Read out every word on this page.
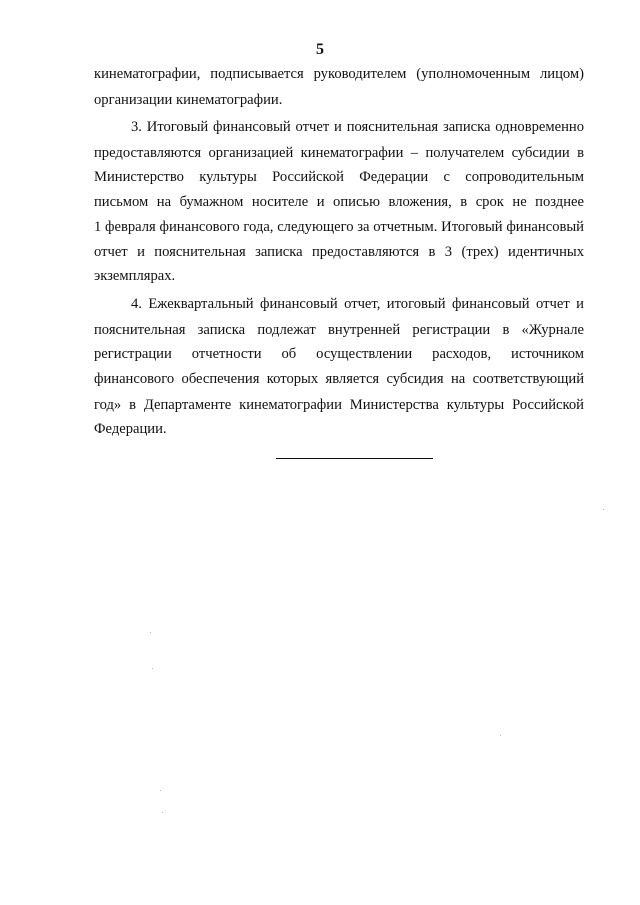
5
кинематографии, подписывается руководителем (уполномоченным лицом)
организации кинематографии.
3. Итоговый финансовый отчет и пояснительная записка одновременно
предоставляются организацией кинематографии – получателем субсидии в
Министерство культуры Российской Федерации с сопроводительным
письмом на бумажном носителе и описью вложения, в срок не позднее
1 февраля финансового года, следующего за отчетным. Итоговый финансовый
отчет и пояснительная записка предоставляются в 3 (трех) идентичных
экземплярах.
4. Ежеквартальный финансовый отчет, итоговый финансовый отчет и
пояснительная записка подлежат внутренней регистрации в «Журнале
регистрации отчетности об осуществлении расходов, источником
финансового обеспечения которых является субсидия на соответствующий
год» в Департаменте кинематографии Министерства культуры Российской
Федерации.
